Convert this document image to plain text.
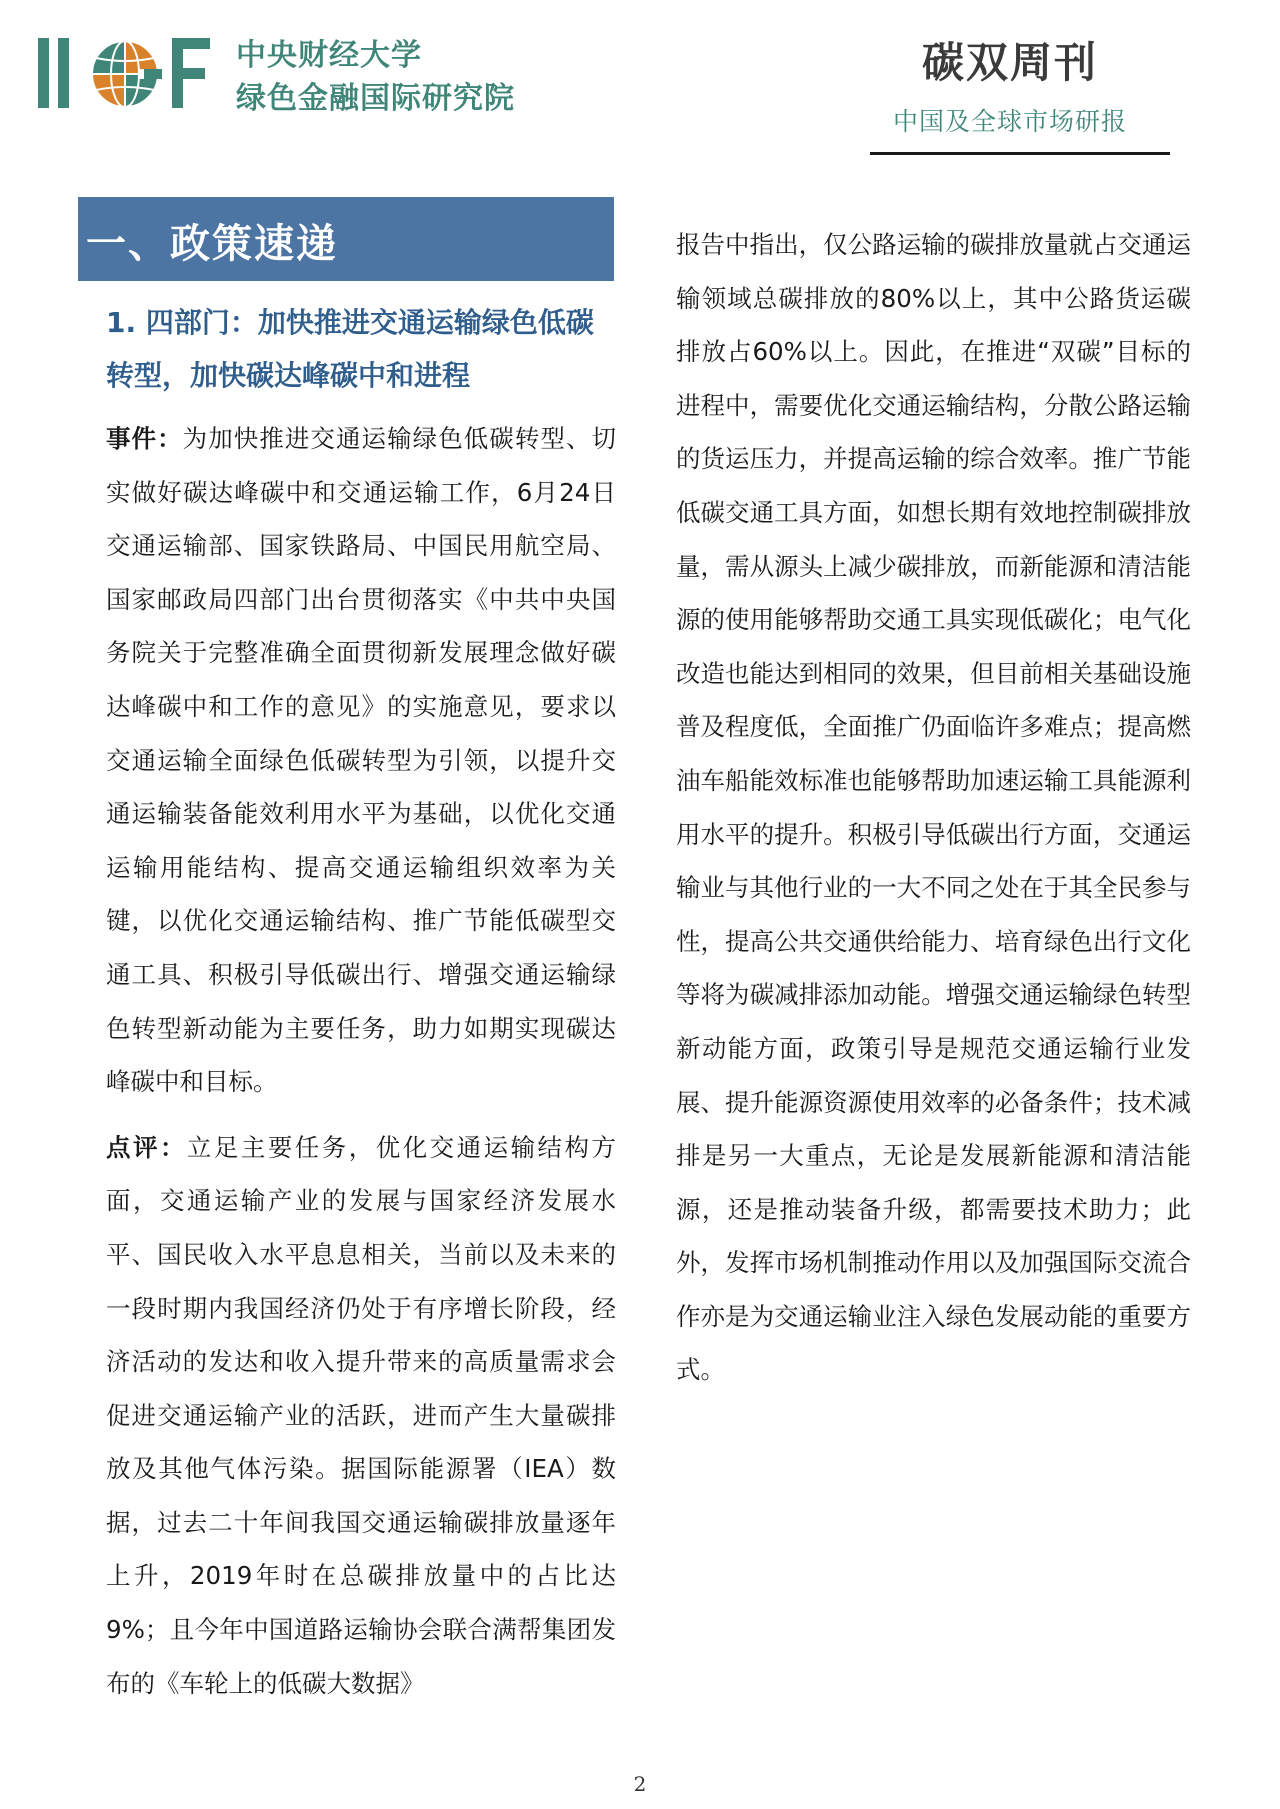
中央财经大学
绿色金融国际研究院
碳双周刊
中国及全球市场研报
一、政策速递
1. 四部门：加快推进交通运输绿色低碳转型，加快碳达峰碳中和进程

事件：为加快推进交通运输绿色低碳转型、切实做好碳达峰碳中和交通运输工作，6月24日交通运输部、国家铁路局、中国民用航空局、国家邮政局四部门出台贯彻落实《中共中央国务院关于完整准确全面贯彻新发展理念做好碳达峰碳中和工作的意见》的实施意见，要求以交通运输全面绿色低碳转型为引领，以提升交通运输装备能效利用水平为基础，以优化交通运输用能结构、提高交通运输组织效率为关键，以优化交通运输结构、推广节能低碳型交通工具、积极引导低碳出行、增强交通运输绿色转型新动能为主要任务，助力如期实现碳达峰碳中和目标。

点评：立足主要任务，优化交通运输结构方面，交通运输产业的发展与国家经济发展水平、国民收入水平息息相关，当前以及未来的一段时期内我国经济仍处于有序增长阶段，经济活动的发达和收入提升带来的高质量需求会促进交通运输产业的活跃，进而产生大量碳排放及其他气体污染。据国际能源署（IEA）数据，过去二十年间我国交通运输碳排放量逐年上升，2019年时在总碳排放量中的占比达9%；且今年中国道路运输协会联合满帮集团发布的《车轮上的低碳大数据》

报告中指出，仅公路运输的碳排放量就占交通运输领域总碳排放的80%以上，其中公路货运碳排放占60%以上。因此，在推进“双碳”目标的进程中，需要优化交通运输结构，分散公路运输的货运压力，并提高运输的综合效率。推广节能低碳交通工具方面，如想长期有效地控制碳排放量，需从源头上减少碳排放，而新能源和清洁能源的使用能够帮助交通工具实现低碳化；电气化改造也能达到相同的效果，但目前相关基础设施普及程度低，全面推广仍面临许多难点；提高燃油车船能效标准也能够帮助加速运输工具能源利用水平的提升。积极引导低碳出行方面，交通运输业与其他行业的一大不同之处在于其全民参与性，提高公共交通供给能力、培育绿色出行文化等将为碳减排添加动能。增强交通运输绿色转型新动能方面，政策引导是规范交通运输行业发展、提升能源资源使用效率的必备条件；技术减排是另一大重点，无论是发展新能源和清洁能源，还是推动装备升级，都需要技术助力；此外，发挥市场机制推动作用以及加强国际交流合作亦是为交通运输业注入绿色发展动能的重要方式。

2
